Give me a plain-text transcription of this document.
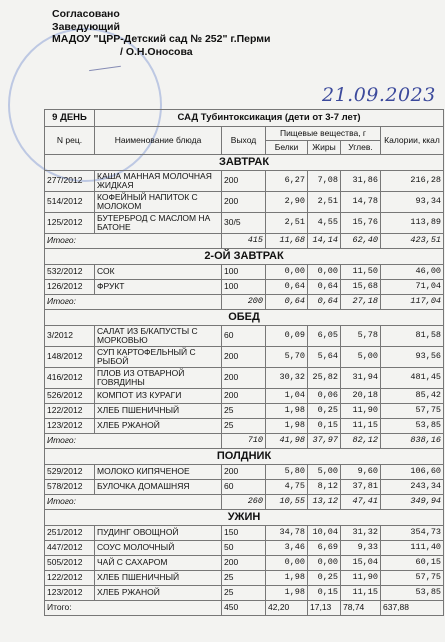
Согласовано
Заведующий
МАДОУ "ЦРР-Детский сад № 252" г.Перми
/ О.Н.Оносова
21.09.2023
9 ДЕНЬ	САД Тубинтоксикация (дети от 3-7 лет)					
N рец.	Наименование блюда	Выход	Пищевые вещества, г			Калории, ккал
			Белки	Жиры	Углев.	
ЗАВТРАК						
277/2012	КАША МАННАЯ МОЛОЧНАЯ ЖИДКАЯ	200	6,27	7,08	31,86	216,28
514/2012	КОФЕЙНЫЙ НАПИТОК С МОЛОКОМ	200	2,90	2,51	14,78	93,34
125/2012	БУТЕРБРОД С МАСЛОМ НА БАТОНЕ	30/5	2,51	4,55	15,76	113,89
Итого:		415	11,68	14,14	62,40	423,51
2-ОЙ ЗАВТРАК						
532/2012	СОК	100	0,00	0,00	11,50	46,00
126/2012	ФРУКТ	100	0,64	0,64	15,68	71,04
Итого:		200	0,64	0,64	27,18	117,04
ОБЕД						
3/2012	САЛАТ ИЗ Б/КАПУСТЫ С МОРКОВЬЮ	60	0,09	6,05	5,78	81,58
148/2012	СУП КАРТОФЕЛЬНЫЙ С РЫБОЙ	200	5,70	5,64	5,00	93,56
416/2012	ПЛОВ ИЗ ОТВАРНОЙ ГОВЯДИНЫ	200	30,32	25,82	31,94	481,45
526/2012	КОМПОТ ИЗ КУРАГИ	200	1,04	0,06	20,18	85,42
122/2012	ХЛЕБ ПШЕНИЧНЫЙ	25	1,98	0,25	11,90	57,75
123/2012	ХЛЕБ РЖАНОЙ	25	1,98	0,15	11,15	53,85
Итого:		710	41,98	37,97	82,12	838,16
ПОЛДНИК						
529/2012	МОЛОКО КИПЯЧЕНОЕ	200	5,80	5,00	9,60	106,60
578/2012	БУЛОЧКА ДОМАШНЯЯ	60	4,75	8,12	37,81	243,34
Итого:		260	10,55	13,12	47,41	349,94
УЖИН						
251/2012	ПУДИНГ ОВОЩНОЙ	150	34,78	10,04	31,32	354,73
447/2012	СОУС МОЛОЧНЫЙ	50	3,46	6,69	9,33	111,40
505/2012	ЧАЙ С САХАРОМ	200	0,00	0,00	15,04	60,15
122/2012	ХЛЕБ ПШЕНИЧНЫЙ	25	1,98	0,25	11,90	57,75
123/2012	ХЛЕБ РЖАНОЙ	25	1,98	0,15	11,15	53,85
Итого:		450	42,20	17,13	78,74	637,88
